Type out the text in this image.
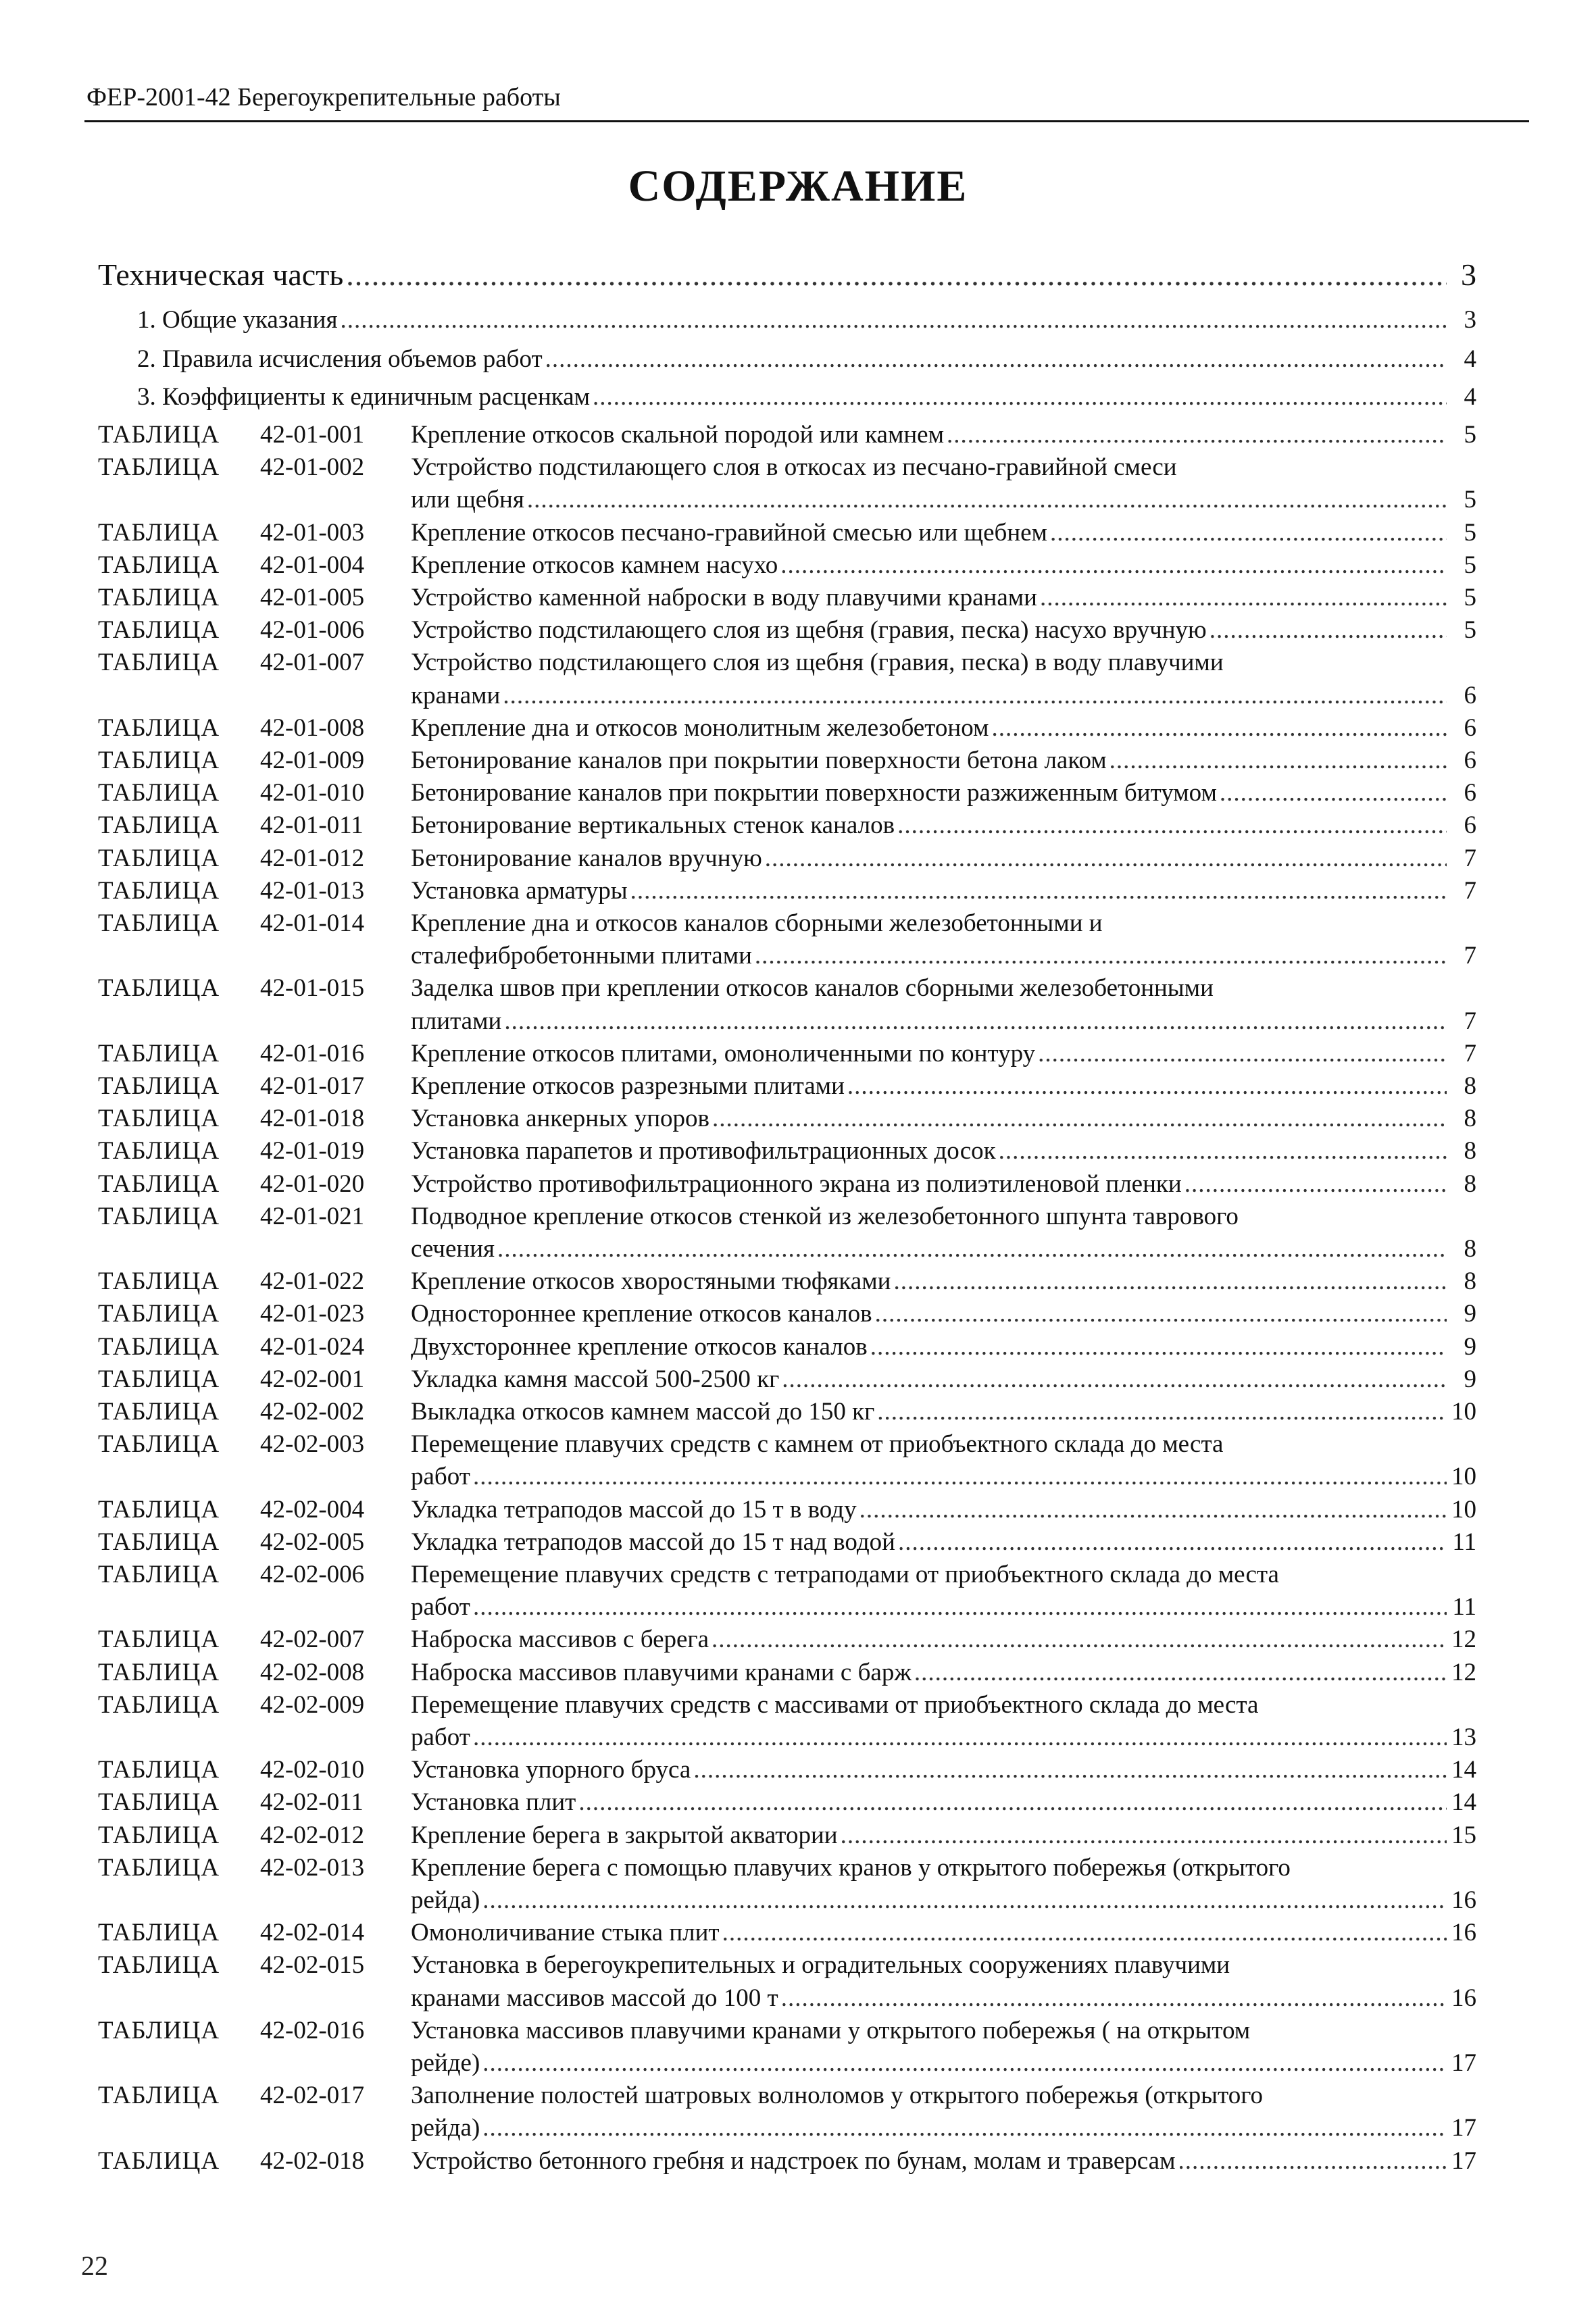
ФЕР-2001-42 Берегоукрепительные работы
СОДЕРЖАНИЕ
Техническая часть .....	3
1. Общие указания .....	3
2. Правила исчисления объемов работ .....	4
3. Коэффициенты к единичным расценкам .....	4
ТАБЛИЦА 42-01-001 Крепление откосов скальной породой или камнем .....	5
ТАБЛИЦА 42-01-002 Устройство подстилающего слоя в откосах из песчано-гравийной смеси
или щебня .....	5
ТАБЛИЦА 42-01-003 Крепление откосов песчано-гравийной смесью или щебнем .....	5
ТАБЛИЦА 42-01-004 Крепление откосов камнем насухо .....	5
ТАБЛИЦА 42-01-005 Устройство каменной наброски в воду плавучими кранами .....	5
ТАБЛИЦА 42-01-006 Устройство подстилающего слоя из щебня (гравия, песка) насухо вручную .....	5
ТАБЛИЦА 42-01-007 Устройство подстилающего слоя из щебня (гравия, песка) в воду плавучими
кранами .....	6
ТАБЛИЦА 42-01-008 Крепление дна и откосов монолитным железобетоном .....	6
ТАБЛИЦА 42-01-009 Бетонирование каналов при покрытии поверхности бетона лаком .....	6
ТАБЛИЦА 42-01-010 Бетонирование каналов при покрытии поверхности разжиженным битумом .....	6
ТАБЛИЦА 42-01-011 Бетонирование вертикальных стенок каналов .....	6
ТАБЛИЦА 42-01-012 Бетонирование каналов вручную .....	7
ТАБЛИЦА 42-01-013 Установка арматуры .....	7
ТАБЛИЦА 42-01-014 Крепление дна и откосов каналов сборными железобетонными и
сталефибробетонными плитами .....	7
ТАБЛИЦА 42-01-015 Заделка швов при креплении откосов каналов сборными железобетонными
плитами .....	7
ТАБЛИЦА 42-01-016 Крепление откосов плитами, омоноличенными по контуру .....	7
ТАБЛИЦА 42-01-017 Крепление откосов разрезными плитами .....	8
ТАБЛИЦА 42-01-018 Установка анкерных упоров .....	8
ТАБЛИЦА 42-01-019 Установка парапетов и противофильтрационных досок .....	8
ТАБЛИЦА 42-01-020 Устройство противофильтрационного экрана из полиэтиленовой пленки .....	8
ТАБЛИЦА 42-01-021 Подводное крепление откосов стенкой из железобетонного шпунта таврового
сечения .....	8
ТАБЛИЦА 42-01-022 Крепление откосов хворостяными тюфяками .....	8
ТАБЛИЦА 42-01-023 Одностороннее крепление откосов каналов .....	9
ТАБЛИЦА 42-01-024 Двухстороннее крепление откосов каналов .....	9
ТАБЛИЦА 42-02-001 Укладка камня массой 500-2500 кг .....	9
ТАБЛИЦА 42-02-002 Выкладка откосов камнем массой до 150 кг .....	10
ТАБЛИЦА 42-02-003 Перемещение плавучих средств с камнем от приобъектного склада до места
работ .....	10
ТАБЛИЦА 42-02-004 Укладка тетраподов массой до 15 т в воду .....	10
ТАБЛИЦА 42-02-005 Укладка тетраподов массой до 15 т над водой .....	11
ТАБЛИЦА 42-02-006 Перемещение плавучих средств с тетраподами от приобъектного склада до места
работ .....	11
ТАБЛИЦА 42-02-007 Наброска массивов с берега .....	12
ТАБЛИЦА 42-02-008 Наброска массивов плавучими кранами с барж .....	12
ТАБЛИЦА 42-02-009 Перемещение плавучих средств с массивами от приобъектного склада до места
работ .....	13
ТАБЛИЦА 42-02-010 Установка упорного бруса .....	14
ТАБЛИЦА 42-02-011 Установка плит .....	14
ТАБЛИЦА 42-02-012 Крепление берега в закрытой акватории .....	15
ТАБЛИЦА 42-02-013 Крепление берега с помощью плавучих кранов у открытого побережья (открытого
рейда) .....	16
ТАБЛИЦА 42-02-014 Омоноличивание стыка плит .....	16
ТАБЛИЦА 42-02-015 Установка в берегоукрепительных и оградительных сооружениях плавучими
кранами массивов массой до 100 т .....	16
ТАБЛИЦА 42-02-016 Установка массивов плавучими кранами у открытого побережья ( на открытом
рейде) .....	17
ТАБЛИЦА 42-02-017 Заполнение полостей шатровых волноломов у открытого побережья (открытого
рейда) .....	17
ТАБЛИЦА 42-02-018 Устройство бетонного гребня и надстроек по бунам, молам и траверсам .....	17
22
